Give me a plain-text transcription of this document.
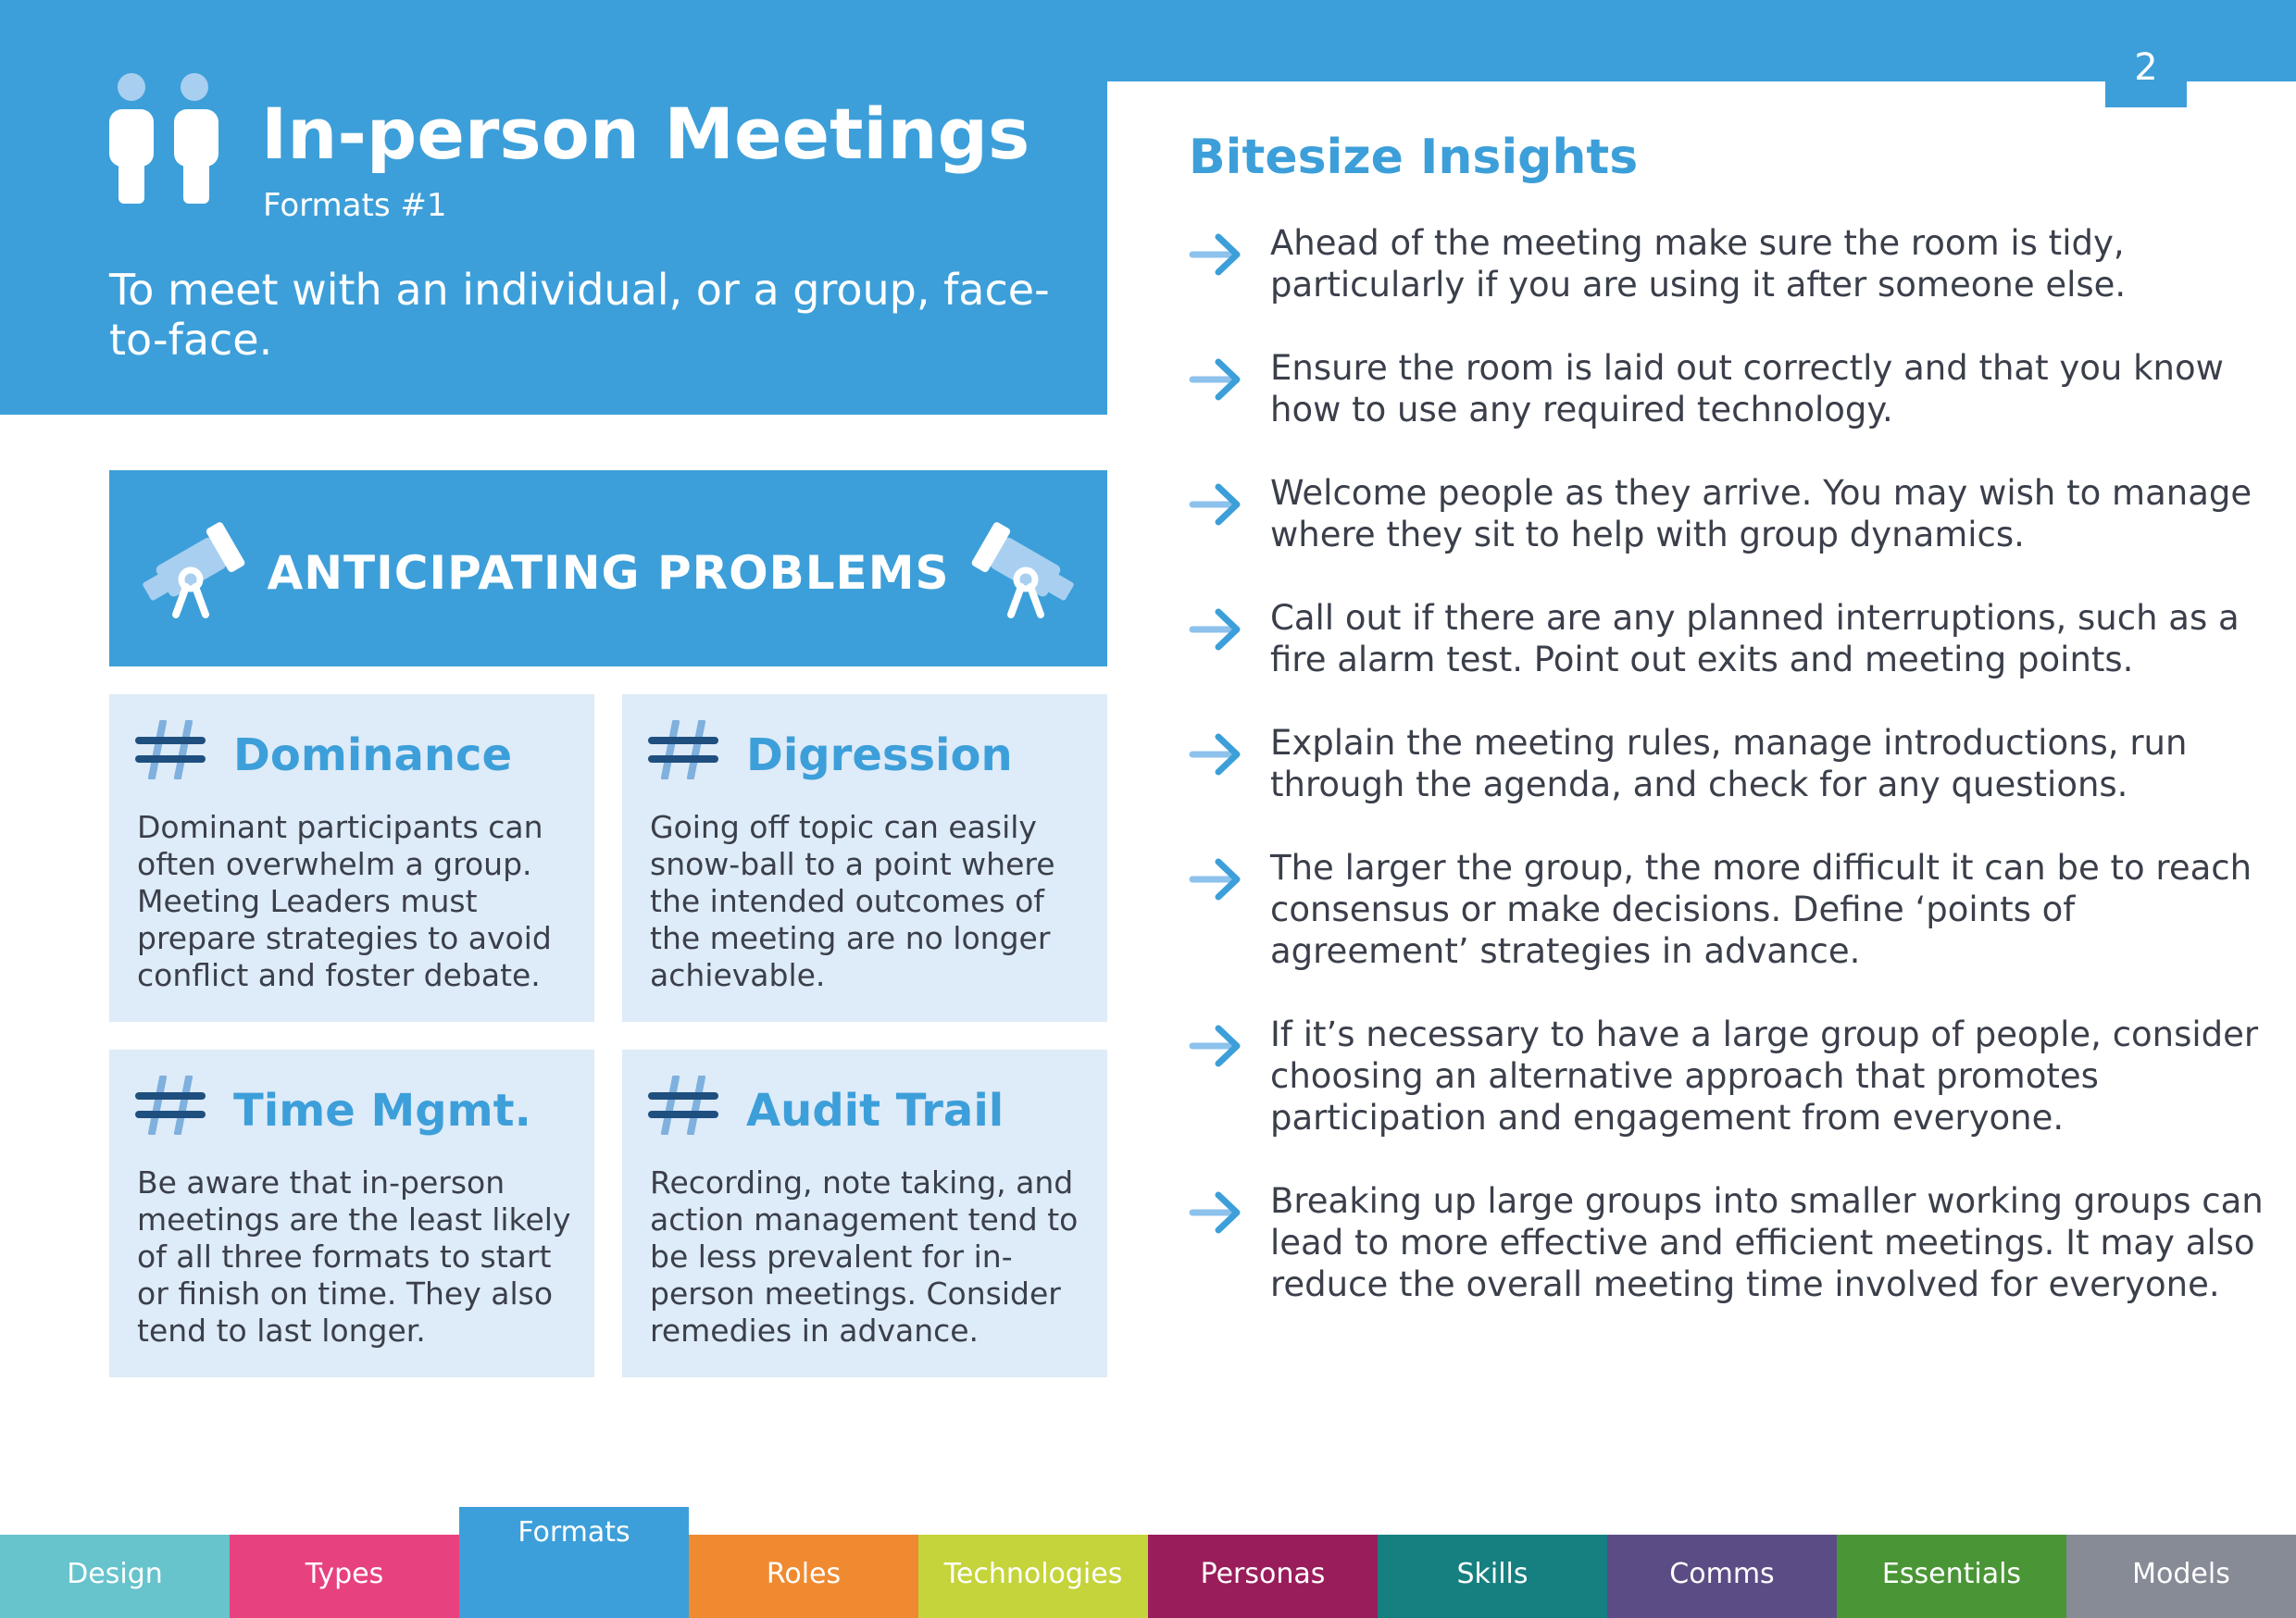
2
In-person Meetings
Formats #1
To meet with an individual, or a group, face-to-face.
ANTICIPATING PROBLEMS
Dominance
Dominant participants can often overwhelm a group. Meeting Leaders must prepare strategies to avoid conflict and foster debate.
Digression
Going off topic can easily snow-ball to a point where the intended outcomes of the meeting are no longer achievable.
Time Mgmt.
Be aware that in-person meetings are the least likely of all three formats to start or finish on time. They also tend to last longer.
Audit Trail
Recording, note taking, and action management tend to be less prevalent for in-person meetings. Consider remedies in advance.
Bitesize Insights
Ahead of the meeting make sure the room is tidy, particularly if you are using it after someone else.
Ensure the room is laid out correctly and that you know how to use any required technology.
Welcome people as they arrive. You may wish to manage where they sit to help with group dynamics.
Call out if there are any planned interruptions, such as a fire alarm test. Point out exits and meeting points.
Explain the meeting rules, manage introductions, run through the agenda, and check for any questions.
The larger the group, the more difficult it can be to reach consensus or make decisions. Define ‘points of agreement’ strategies in advance.
If it’s necessary to have a large group of people, consider choosing an alternative approach that promotes participation and engagement from everyone.
Breaking up large groups into smaller working groups can lead to more effective and efficient meetings. It may also reduce the overall meeting time involved for everyone.
Design	Types
Formats
Roles	Technologies	Personas	Skills	Comms	Essentials	Models
